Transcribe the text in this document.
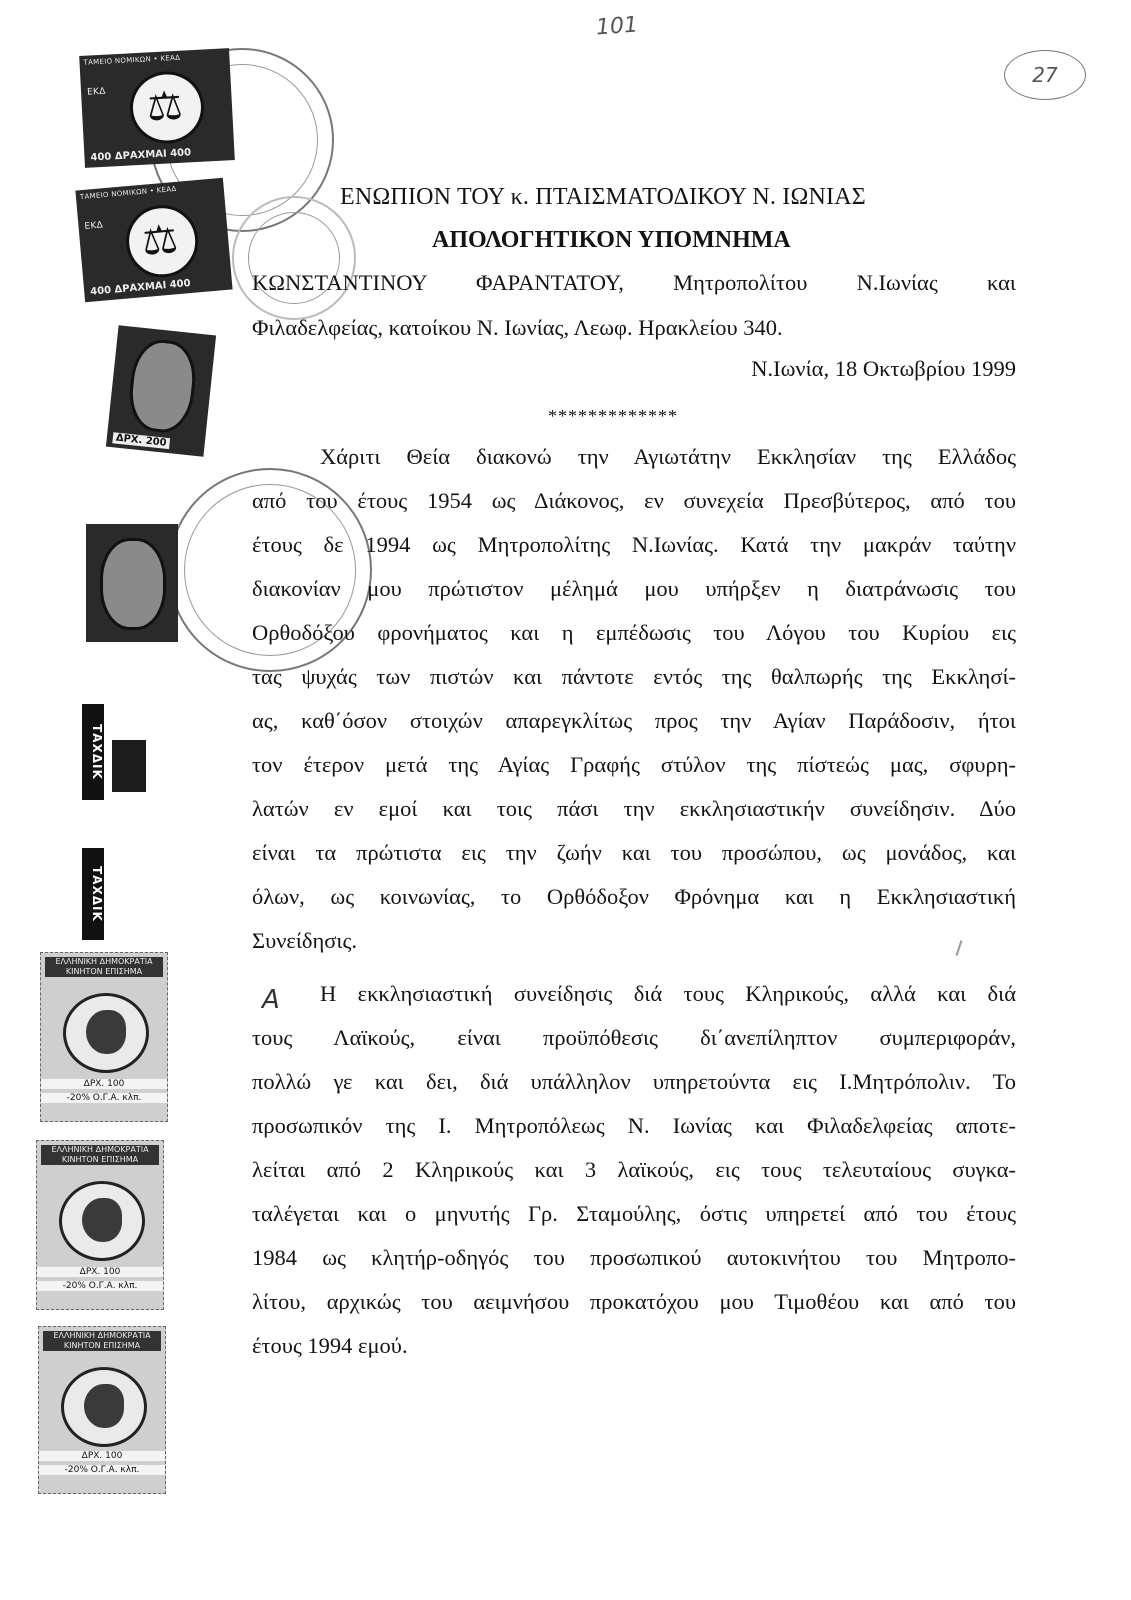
101
27
ΤΑΜΕΙΟ ΝΟΜΙΚΩΝ • ΚΕΑΔ
ΕΚΔ ⚖
400 ΔΡΑΧΜΑΙ 400
ΤΑΜΕΙΟ ΝΟΜΙΚΩΝ • ΚΕΑΔ
ΕΚΔ ⚖
400 ΔΡΑΧΜΑΙ 400
ΔΡΧ. 200
ΤΑΧΔΙΚ
ΤΑΧΔΙΚ
ΕΛΛΗΝΙΚΗ ΔΗΜΟΚΡΑΤΙΑ ΚΙΝΗΤΟΝ ΕΠΙΣΗΜΑ
ΔΡΧ. 100
-20% Ο.Γ.Α. κλπ.
ΕΛΛΗΝΙΚΗ ΔΗΜΟΚΡΑΤΙΑ ΚΙΝΗΤΟΝ ΕΠΙΣΗΜΑ
ΔΡΧ. 100
-20% Ο.Γ.Α. κλπ.
ΕΛΛΗΝΙΚΗ ΔΗΜΟΚΡΑΤΙΑ ΚΙΝΗΤΟΝ ΕΠΙΣΗΜΑ
ΔΡΧ. 100
-20% Ο.Γ.Α. κλπ.
ΕΝΩΠΙΟΝ ΤΟΥ κ. ΠΤΑΙΣΜΑΤΟΔΙΚΟΥ Ν. ΙΩΝΙΑΣ
ΑΠΟΛΟΓΗΤΙΚΟΝ ΥΠΟΜΝΗΜΑ
ΚΩΝΣΤΑΝΤΙΝΟΥ ΦΑΡΑΝΤΑΤΟΥ, Μητροπολίτου Ν.Ιωνίας και
Φιλαδελφείας, κατοίκου Ν. Ιωνίας, Λεωφ. Ηρακλείου 340.
Ν.Ιωνία, 18 Οκτωβρίου 1999
*************
Χάριτι Θεία διακονώ την Αγιωτάτην Εκκλησίαν της Ελλάδος
από του έτους 1954 ως Διάκονος, εν συνεχεία Πρεσβύτερος, από του
έτους δε 1994 ως Μητροπολίτης Ν.Ιωνίας. Κατά την μακράν ταύτην
διακονίαν μου πρώτιστον μέλημά μου υπήρξεν η διατράνωσις του
Ορθοδόξου φρονήματος και η εμπέδωσις του Λόγου του Κυρίου εις
τας ψυχάς των πιστών και πάντοτε εντός της θαλπωρής της Εκκλησί-
ας, καθ΄όσον στοιχών απαρεγκλίτως προς την Αγίαν Παράδοσιν, ήτοι
τον έτερον μετά της Αγίας Γραφής στύλον της πίστεώς μας, σφυρη-
λατών εν εμοί και τοις πάσι την εκκλησιαστικήν συνείδησιν. Δύο
είναι τα πρώτιστα εις την ζωήν και του προσώπου, ως μονάδος, και
όλων, ως κοινωνίας, το Ορθόδοξον Φρόνημα και η Εκκλησιαστική
Συνείδησις.
A Η εκκλησιαστική συνείδησις διά τους Κληρικούς, αλλά και διά
τους Λαϊκούς, είναι προϋπόθεσις δι΄ανεπίληπτον συμπεριφοράν,
πολλώ γε και δει, διά υπάλληλον υπηρετούντα εις Ι.Μητρόπολιν. Το
προσωπικόν της Ι. Μητροπόλεως Ν. Ιωνίας και Φιλαδελφείας αποτε-
λείται από 2 Κληρικούς και 3 λαϊκούς, εις τους τελευταίους συγκα-
ταλέγεται και ο μηνυτής Γρ. Σταμούλης, όστις υπηρετεί από του έτους
1984 ως κλητήρ-οδηγός του προσωπικού αυτοκινήτου του Μητροπο-
λίτου, αρχικώς του αειμνήσου προκατόχου μου Τιμοθέου και από του
έτους 1994 εμού.
